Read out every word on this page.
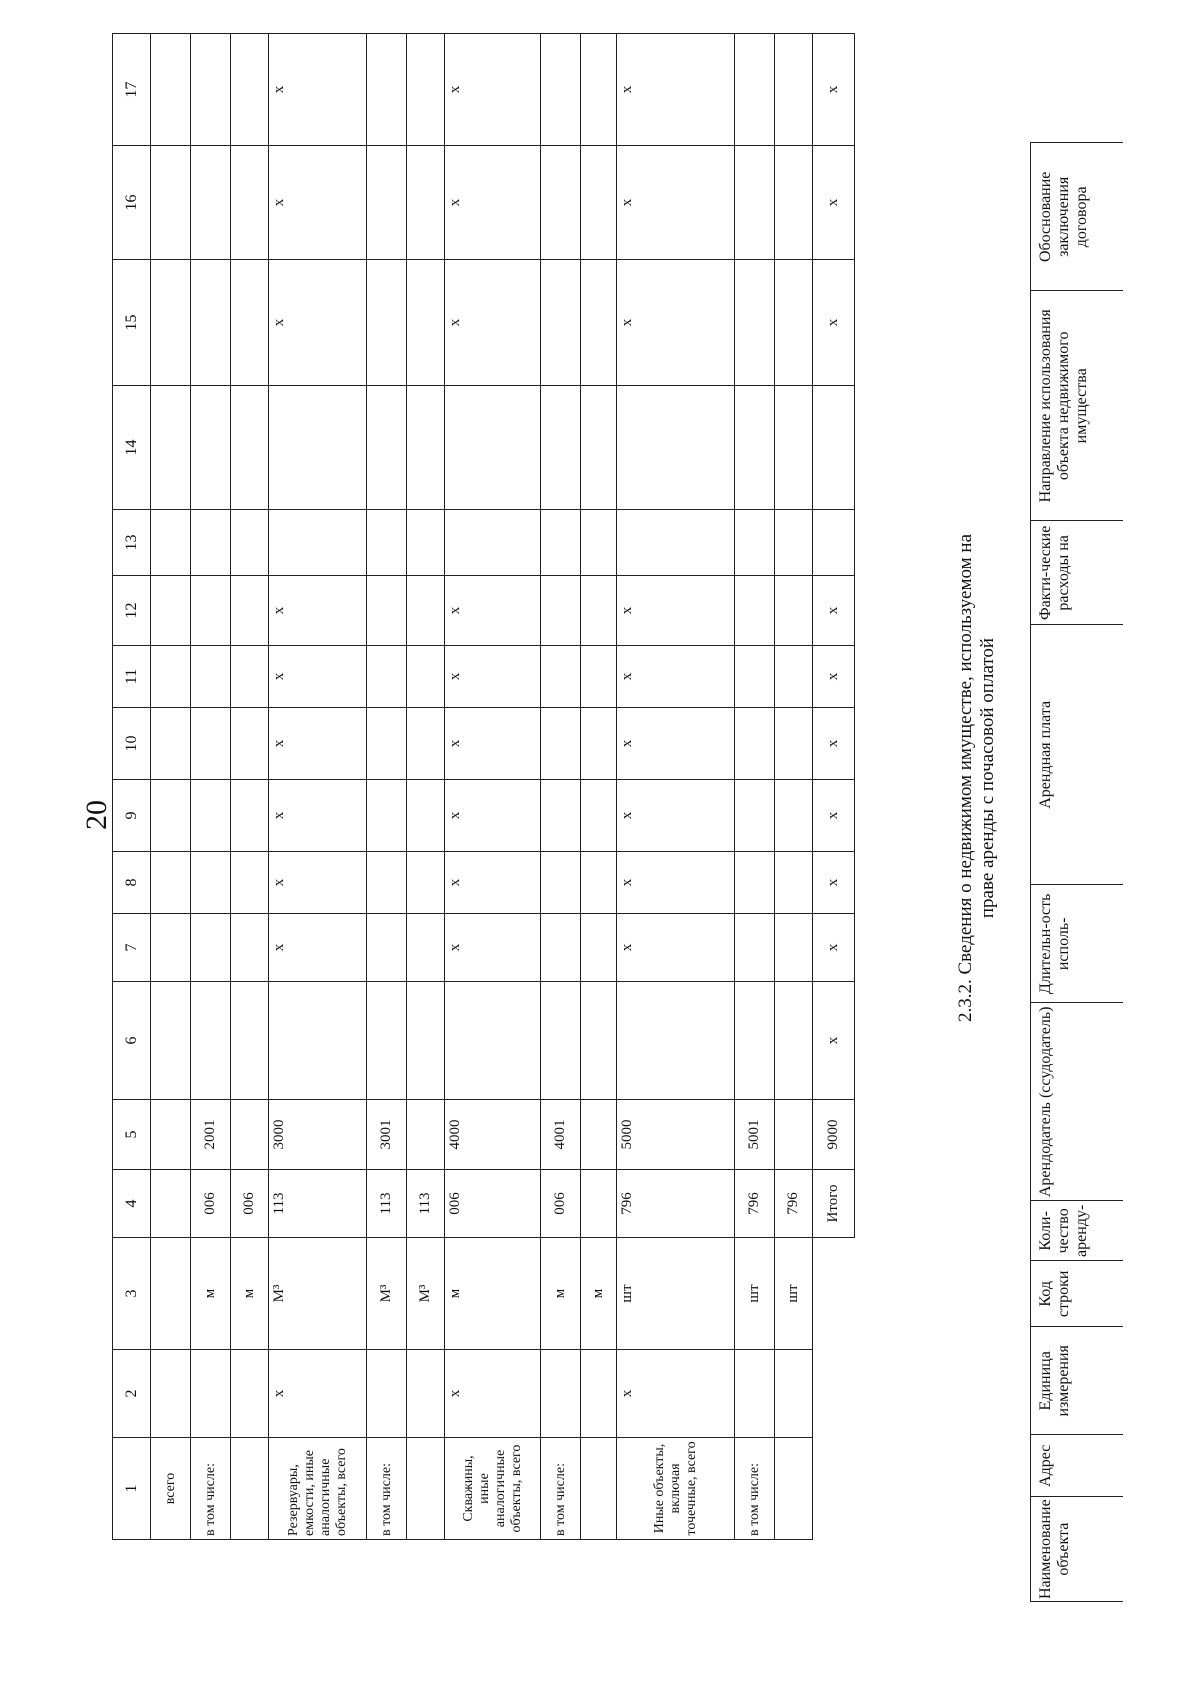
20
1	2	3	4	5	6	7	8	9	10	11	12	13	14	15	16	17
всего																
в том числе:		м	006	2001												
		м	006													
Резервуары, емкости, иные аналогичные объекты, всего	х	М³	113	3000		х	х	х	х	х	х			х	х	х
в том числе:		М³	113	3001												
		М³	113													
Скважины, иные аналогичные объекты, всего	х	м	006	4000		х	х	х	х	х	х			х	х	х
в том числе:		м	006	4001												
		м														
Иные объекты, включая точечные, всего	х	шт	796	5000		х	х	х	х	х	х			х	х	х
в том числе:		шт	796	5001												
		шт	796													
			Итого	9000	х	х	х	х	х	х	х			х	х	х
2.3.2. Сведения о недвижимом имуществе, используемом на праве аренды с почасовой оплатой
Наименование объекта	Адрес	Единица измерения	Код строки	Коли-чество аренду-	Арендодатель (ссудодатель)	Длительн-ость исполь-	Арендная плата	Факти-ческие расходы на	Направление использования объекта недвижимого имущества	Обоснование заключения договора
